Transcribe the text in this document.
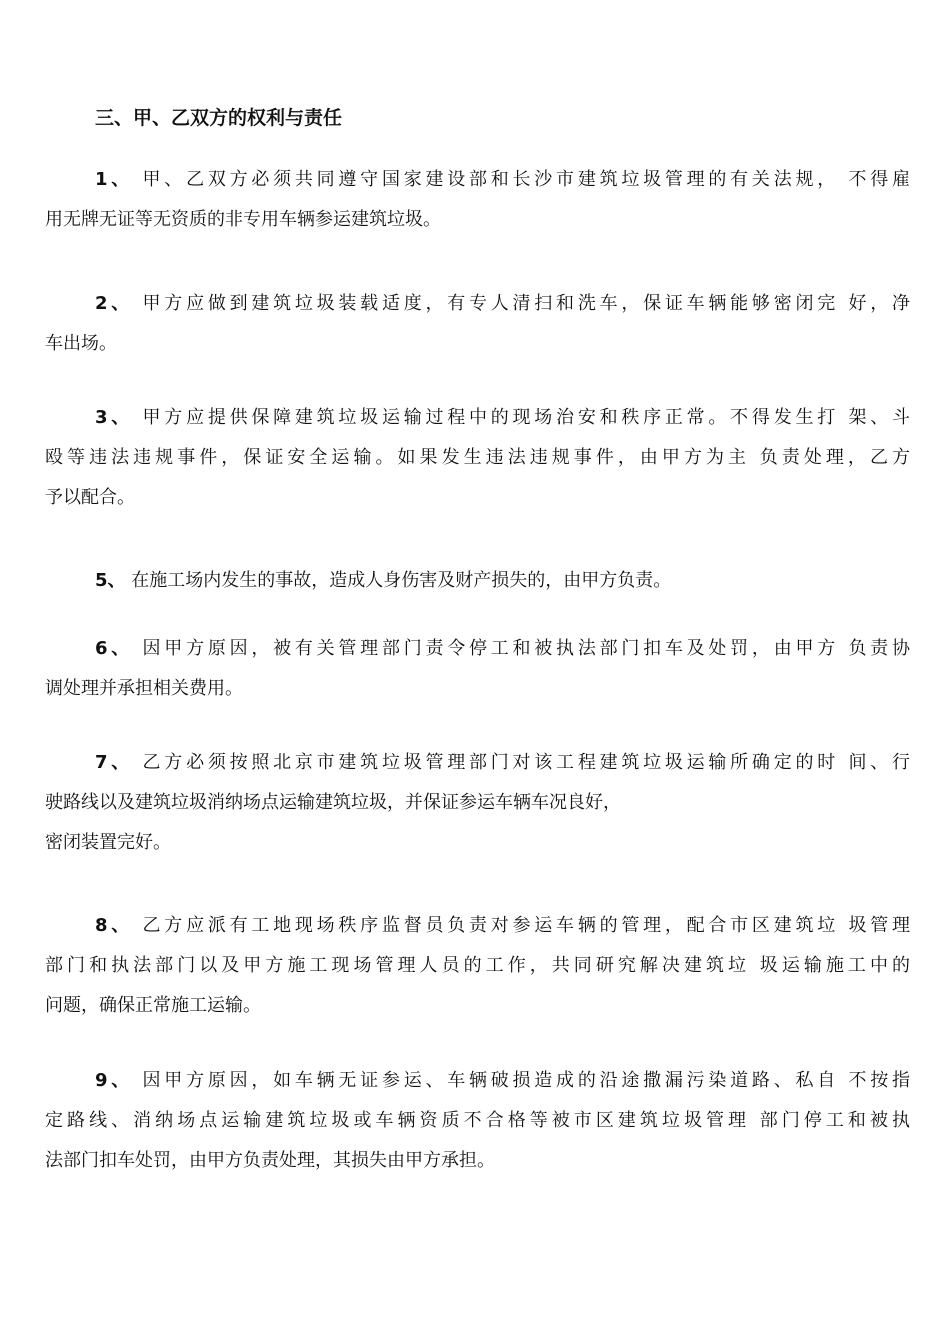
三、甲、乙双方的权利与责任
1、 甲、乙双方必须共同遵守国家建设部和长沙市建筑垃圾管理的有关法规， 不得雇
用无牌无证等无资质的非专用车辆参运建筑垃圾。
2、 甲方应做到建筑垃圾装载适度，有专人清扫和洗车，保证车辆能够密闭完 好，净
车出场。
3、 甲方应提供保障建筑垃圾运输过程中的现场治安和秩序正常。不得发生打 架、斗
殴等违法违规事件，保证安全运输。如果发生违法违规事件，由甲方为主 负责处理，乙方
予以配合。
5、 在施工场内发生的事故，造成人身伤害及财产损失的，由甲方负责。
6、 因甲方原因，被有关管理部门责令停工和被执法部门扣车及处罚，由甲方 负责协
调处理并承担相关费用。
7、 乙方必须按照北京市建筑垃圾管理部门对该工程建筑垃圾运输所确定的时 间、行
驶路线以及建筑垃圾消纳场点运输建筑垃圾，并保证参运车辆车况良好，
密闭装置完好。
8、 乙方应派有工地现场秩序监督员负责对参运车辆的管理，配合市区建筑垃 圾管理
部门和执法部门以及甲方施工现场管理人员的工作，共同研究解决建筑垃 圾运输施工中的
问题，确保正常施工运输。
9、 因甲方原因，如车辆无证参运、车辆破损造成的沿途撒漏污染道路、私自 不按指
定路线、消纳场点运输建筑垃圾或车辆资质不合格等被市区建筑垃圾管理 部门停工和被执
法部门扣车处罚，由甲方负责处理，其损失由甲方承担。
